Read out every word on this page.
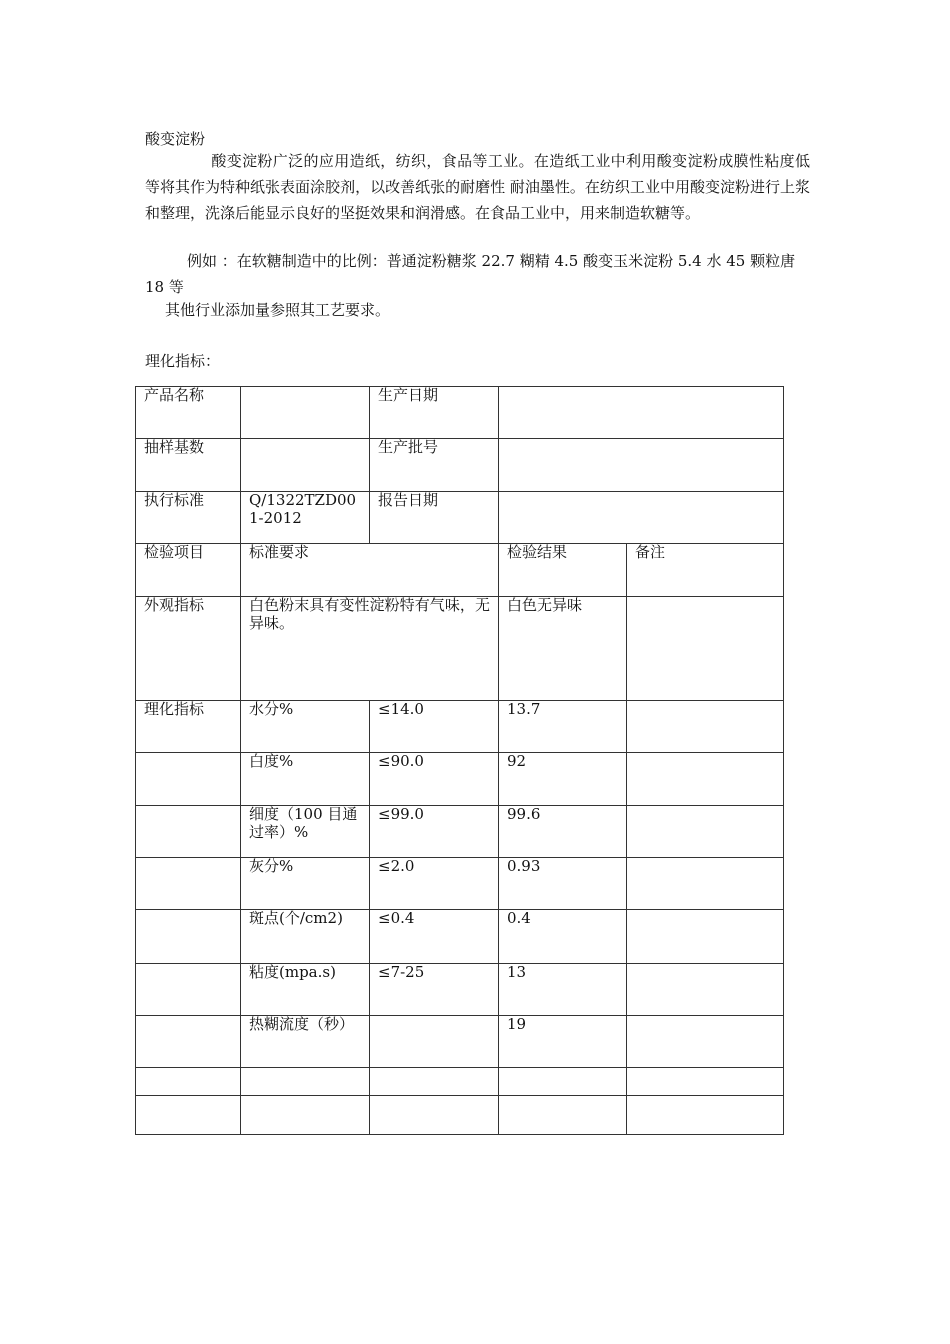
酸变淀粉
酸变淀粉广泛的应用造纸，纺织，食品等工业。在造纸工业中利用酸变淀粉成膜性粘度低等将其作为特种纸张表面涂胶剂，以改善纸张的耐磨性 耐油墨性。在纺织工业中用酸变淀粉进行上浆和整理，洗涤后能显示良好的坚挺效果和润滑感。在食品工业中，用来制造软糖等。
例如 ：在软糖制造中的比例：普通淀粉糖浆 22.7 糊精 4.5 酸变玉米淀粉 5.4 水 45 颗粒唐 18 等
其他行业添加量参照其工艺要求。
理化指标：
产品名称		生产日期		

抽样基数		生产批号		

执行标准	Q/1322TZD001-2012	报告日期		

检验项目	标准要求		检验结果	备注

外观指标	白色粉末具有变性淀粉特有气味，无异味。		白色无异味	

理化指标	水分%	≤14.0	13.7	

	白度%	≤90.0	92	

	细度（100 目通过率）%	≤99.0	99.6	

	灰分%	≤2.0	0.93	

	斑点(个/cm2)	≤0.4	0.4	

	粘度(mpa.s)	≤7-25	13	

	热糊流度（秒）		19	
